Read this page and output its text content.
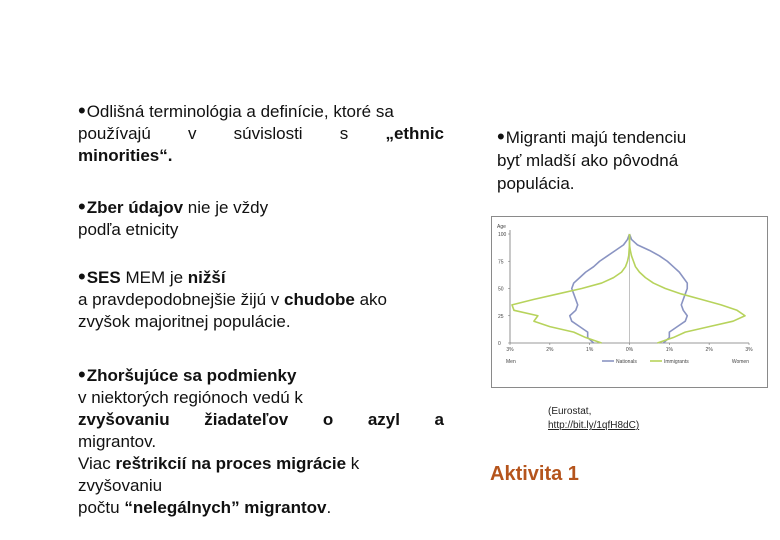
•Odlišná terminológia a definície, ktoré sa
používajú v súvislosti s „ethnic
minorities“.
•Zber údajov nie je vždy
podľa etnicity
•SES MEM je nižší
a pravdepodobnejšie žijú v chudobe ako
zvyšok majoritnej populácie.
•Zhoršujúce sa podmienky
v niektorých regiónoch vedú k
zvyšovaniu žiadateľov o azyl a
migrantov.
Viac reštrikcií na proces migrácie k
zvyšovaniu
počtu “nelegálnych” migrantov.
•Migranti majú tendenciu
byť mladší ako pôvodná
populácia.
Age
100
75
50
25
0
3%	2%	1%	0%	1%	2%	3%
Men	Women
Nationals	Immigrants
(Eurostat,
http://bit.ly/1qfH8dC)
Aktivita 1
